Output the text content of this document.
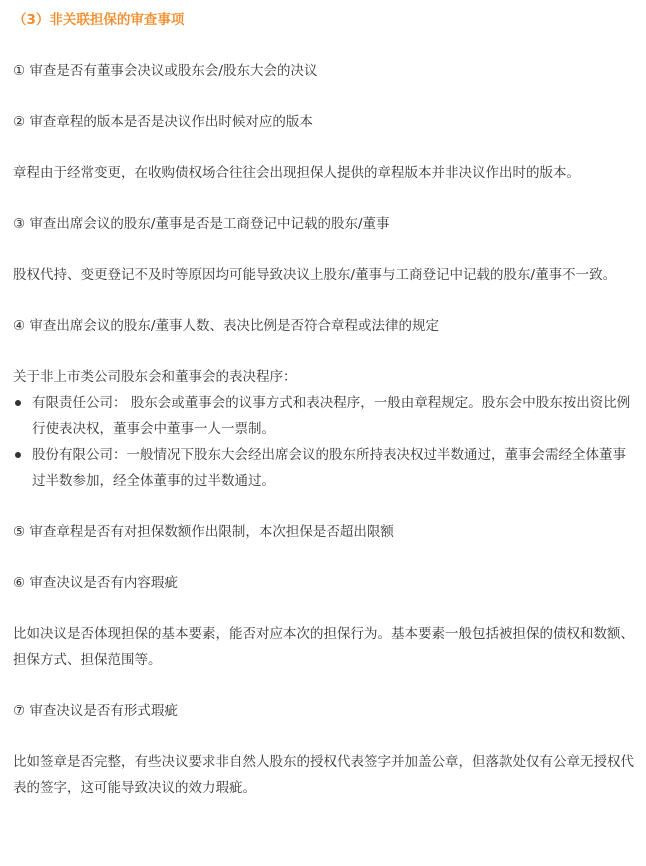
（3）非关联担保的审查事项

① 审查是否有董事会决议或股东会/股东大会的决议

② 审查章程的版本是否是决议作出时候对应的版本

章程由于经常变更，在收购债权场合往往会出现担保人提供的章程版本并非决议作出时的版本。

③ 审查出席会议的股东/董事是否是工商登记中记载的股东/董事

股权代持、变更登记不及时等原因均可能导致决议上股东/董事与工商登记中记载的股东/董事不一致。

④ 审查出席会议的股东/董事人数、表决比例是否符合章程或法律的规定

关于非上市类公司股东会和董事会的表决程序：

有限责任公司： 股东会或董事会的议事方式和表决程序，一般由章程规定。股东会中股东按出资比例行使表决权，董事会中董事一人一票制。
股份有限公司：一般情况下股东大会经出席会议的股东所持表决权过半数通过，董事会需经全体董事过半数参加，经全体董事的过半数通过。

⑤ 审查章程是否有对担保数额作出限制，本次担保是否超出限额

⑥ 审查决议是否有内容瑕疵

比如决议是否体现担保的基本要素，能否对应本次的担保行为。基本要素一般包括被担保的债权和数额、担保方式、担保范围等。

⑦ 审查决议是否有形式瑕疵

比如签章是否完整，有些决议要求非自然人股东的授权代表签字并加盖公章，但落款处仅有公章无授权代表的签字，这可能导致决议的效力瑕疵。
